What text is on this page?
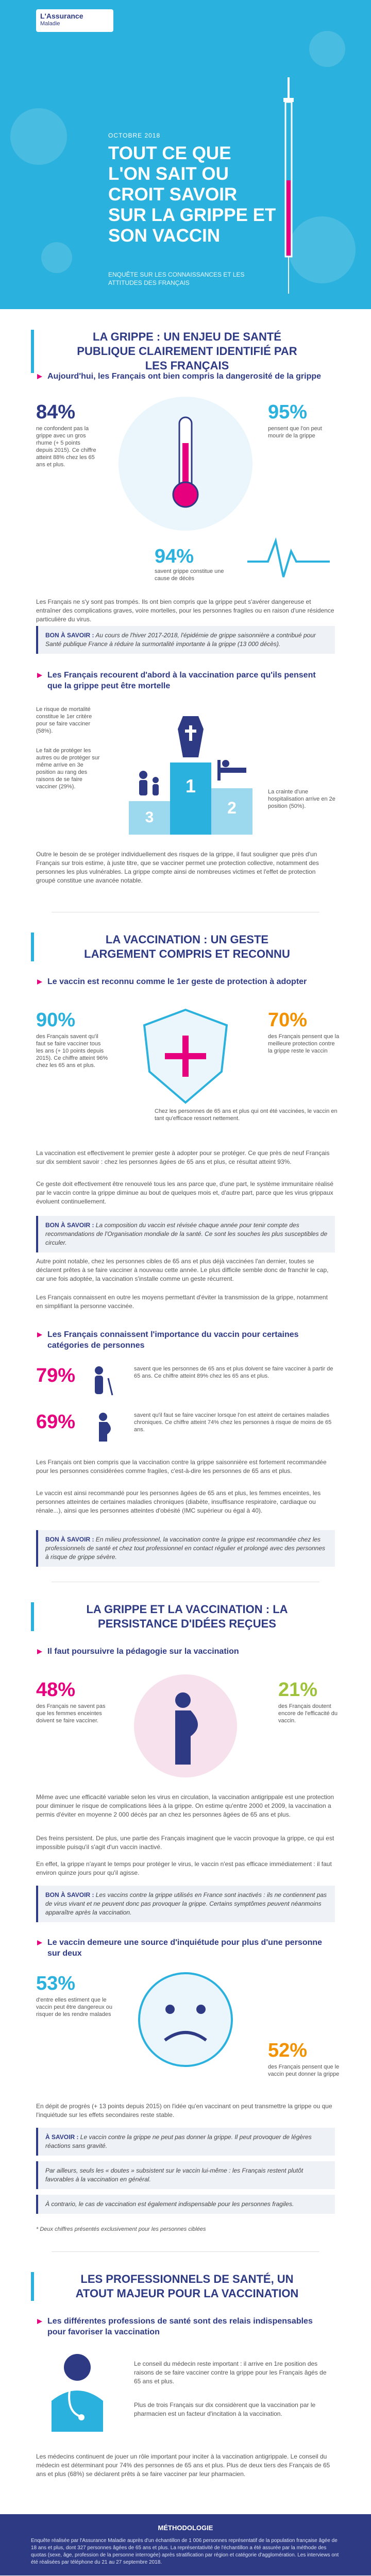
L'Assurance
Maladie
OCTOBRE 2018
TOUT CE QUE L'ON SAIT OU CROIT SAVOIR SUR LA GRIPPE ET SON VACCIN
ENQUÊTE SUR LES CONNAISSANCES ET LES ATTITUDES DES FRANÇAIS
LA GRIPPE : UN ENJEU DE SANTÉ PUBLIQUE CLAIREMENT IDENTIFIÉ PAR LES FRANÇAIS
Aujourd'hui, les Français ont bien compris la dangerosité de la grippe
84%
ne confondent pas la grippe avec un gros rhume (+ 5 points depuis 2015). Ce chiffre atteint 88% chez les 65 ans et plus.
95%
pensent que l'on peut mourir de la grippe
94%
savent grippe constitue une cause de décès
Les Français ne s'y sont pas trompés. Ils ont bien compris que la grippe peut s'avérer dangereuse et entraîner des complications graves, voire mortelles, pour les personnes fragiles ou en raison d'une résidence particulière du virus.
BON À SAVOIR : Au cours de l'hiver 2017-2018, l'épidémie de grippe saisonnière a contribué pour Santé publique France à réduire la surmortalité importante à la grippe (13 000 décès).
Les Français recourent d'abord à la vaccination parce qu'ils pensent que la grippe peut être mortelle
Le risque de mortalité constitue le 1er critère pour se faire vacciner (58%).
Le fait de protéger les autres ou de protéger sur même arrive en 3e position au rang des raisons de se faire vacciner (29%).
La crainte d'une hospitalisation arrive en 2e position (50%).
1
2
3
Outre le besoin de se protéger individuellement des risques de la grippe, il faut souligner que près d'un Français sur trois estime, à juste titre, que se vacciner permet une protection collective, notamment des personnes les plus vulnérables. La grippe compte ainsi de nombreuses victimes et l'effet de protection groupé constitue une avancée notable.
LA VACCINATION : UN GESTE LARGEMENT COMPRIS ET RECONNU
Le vaccin est reconnu comme le 1er geste de protection à adopter
90%
des Français savent qu'il faut se faire vacciner tous les ans (+ 10 points depuis 2015). Ce chiffre atteint 96% chez les 65 ans et plus.
70%
des Français pensent que la meilleure protection contre la grippe reste le vaccin
Chez les personnes de 65 ans et plus qui ont été vaccinées, le vaccin en tant qu'efficace ressort nettement.
La vaccination est effectivement le premier geste à adopter pour se protéger. Ce que près de neuf Français sur dix semblent savoir : chez les personnes âgées de 65 ans et plus, ce résultat atteint 93%.
Ce geste doit effectivement être renouvelé tous les ans parce que, d'une part, le système immunitaire réalisé par le vaccin contre la grippe diminue au bout de quelques mois et, d'autre part, parce que les virus grippaux évoluent continuellement.
BON À SAVOIR : La composition du vaccin est révisée chaque année pour tenir compte des recommandations de l'Organisation mondiale de la santé. Ce sont les souches les plus susceptibles de circuler.
Autre point notable, chez les personnes cibles de 65 ans et plus déjà vaccinées l'an dernier, toutes se déclarent prêtes à se faire vacciner à nouveau cette année. Le plus difficile semble donc de franchir le cap, car une fois adoptée, la vaccination s'installe comme un geste récurrent.
Les Français connaissent en outre les moyens permettant d'éviter la transmission de la grippe, notamment en simplifiant la personne vaccinée.
Les Français connaissent l'importance du vaccin pour certaines catégories de personnes
79%	savent que les personnes de 65 ans et plus doivent se faire vacciner à partir de 65 ans. Ce chiffre atteint 89% chez les 65 ans et plus.
69%	savent qu'il faut se faire vacciner lorsque l'on est atteint de certaines maladies chroniques. Ce chiffre atteint 74% chez les personnes à risque de moins de 65 ans.
Les Français ont bien compris que la vaccination contre la grippe saisonnière est fortement recommandée pour les personnes considérées comme fragiles, c'est-à-dire les personnes de 65 ans et plus.
Le vaccin est ainsi recommandé pour les personnes âgées de 65 ans et plus, les femmes enceintes, les personnes atteintes de certaines maladies chroniques (diabète, insuffisance respiratoire, cardiaque ou rénale...), ainsi que les personnes atteintes d'obésité (IMC supérieur ou égal à 40).
BON À SAVOIR : En milieu professionnel, la vaccination contre la grippe est recommandée chez les professionnels de santé et chez tout professionnel en contact régulier et prolongé avec des personnes à risque de grippe sévère.
LA GRIPPE ET LA VACCINATION : LA PERSISTANCE D'IDÉES REÇUES
Il faut poursuivre la pédagogie sur la vaccination
48%
des Français ne savent pas que les femmes enceintes doivent se faire vacciner.
21%
des Français doutent encore de l'efficacité du vaccin.
Même avec une efficacité variable selon les virus en circulation, la vaccination antigrippale est une protection pour diminuer le risque de complications liées à la grippe. On estime qu'entre 2000 et 2009, la vaccination a permis d'éviter en moyenne 2 000 décès par an chez les personnes âgées de 65 ans et plus.
Des freins persistent. De plus, une partie des Français imaginent que le vaccin provoque la grippe, ce qui est impossible puisqu'il s'agit d'un vaccin inactivé.
En effet, la grippe n'ayant le temps pour protéger le virus, le vaccin n'est pas efficace immédiatement : il faut environ quinze jours pour qu'il agisse.
BON À SAVOIR : Les vaccins contre la grippe utilisés en France sont inactivés : ils ne contiennent pas de virus vivant et ne peuvent donc pas provoquer la grippe. Certains symptômes peuvent néanmoins apparaître après la vaccination.
Le vaccin demeure une source d'inquiétude pour plus d'une personne sur deux
53%
d'entre elles estiment que le vaccin peut être dangereux ou risquer de les rendre malades
52%
des Français pensent que le vaccin peut donner la grippe
En dépit de progrès (+ 13 points depuis 2015) on l'idée qu'en vaccinant on peut transmettre la grippe ou que l'inquiétude sur les effets secondaires reste stable.
À SAVOIR : Le vaccin contre la grippe ne peut pas donner la grippe. Il peut provoquer de légères réactions sans gravité.
Par ailleurs, seuls les « doutes » subsistent sur le vaccin lui-même : les Français restent plutôt favorables à la vaccination en général.
À contrario, le cas de vaccination est également indispensable pour les personnes fragiles.
* Deux chiffres présentés exclusivement pour les personnes ciblées
LES PROFESSIONNELS DE SANTÉ, UN ATOUT MAJEUR POUR LA VACCINATION
Les différentes professions de santé sont des relais indispensables pour favoriser la vaccination
Le conseil du médecin reste important : il arrive en 1re position des raisons de se faire vacciner contre la grippe pour les Français âgés de 65 ans et plus.
Plus de trois Français sur dix considèrent que la vaccination par le pharmacien est un facteur d'incitation à la vaccination.
Les médecins continuent de jouer un rôle important pour inciter à la vaccination antigrippale. Le conseil du médecin est déterminant pour 74% des personnes de 65 ans et plus. Plus de deux tiers des Français de 65 ans et plus (68%) se déclarent prêts à se faire vacciner par leur pharmacien.
MÉTHODOLOGIE
Enquête réalisée par l'Assurance Maladie auprès d'un échantillon de 1 006 personnes représentatif de la population française âgée de 18 ans et plus, dont 327 personnes âgées de 65 ans et plus. La représentativité de l'échantillon a été assurée par la méthode des quotas (sexe, âge, profession de la personne interrogée) après stratification par région et catégorie d'agglomération. Les interviews ont été réalisées par téléphone du 21 au 27 septembre 2018.
